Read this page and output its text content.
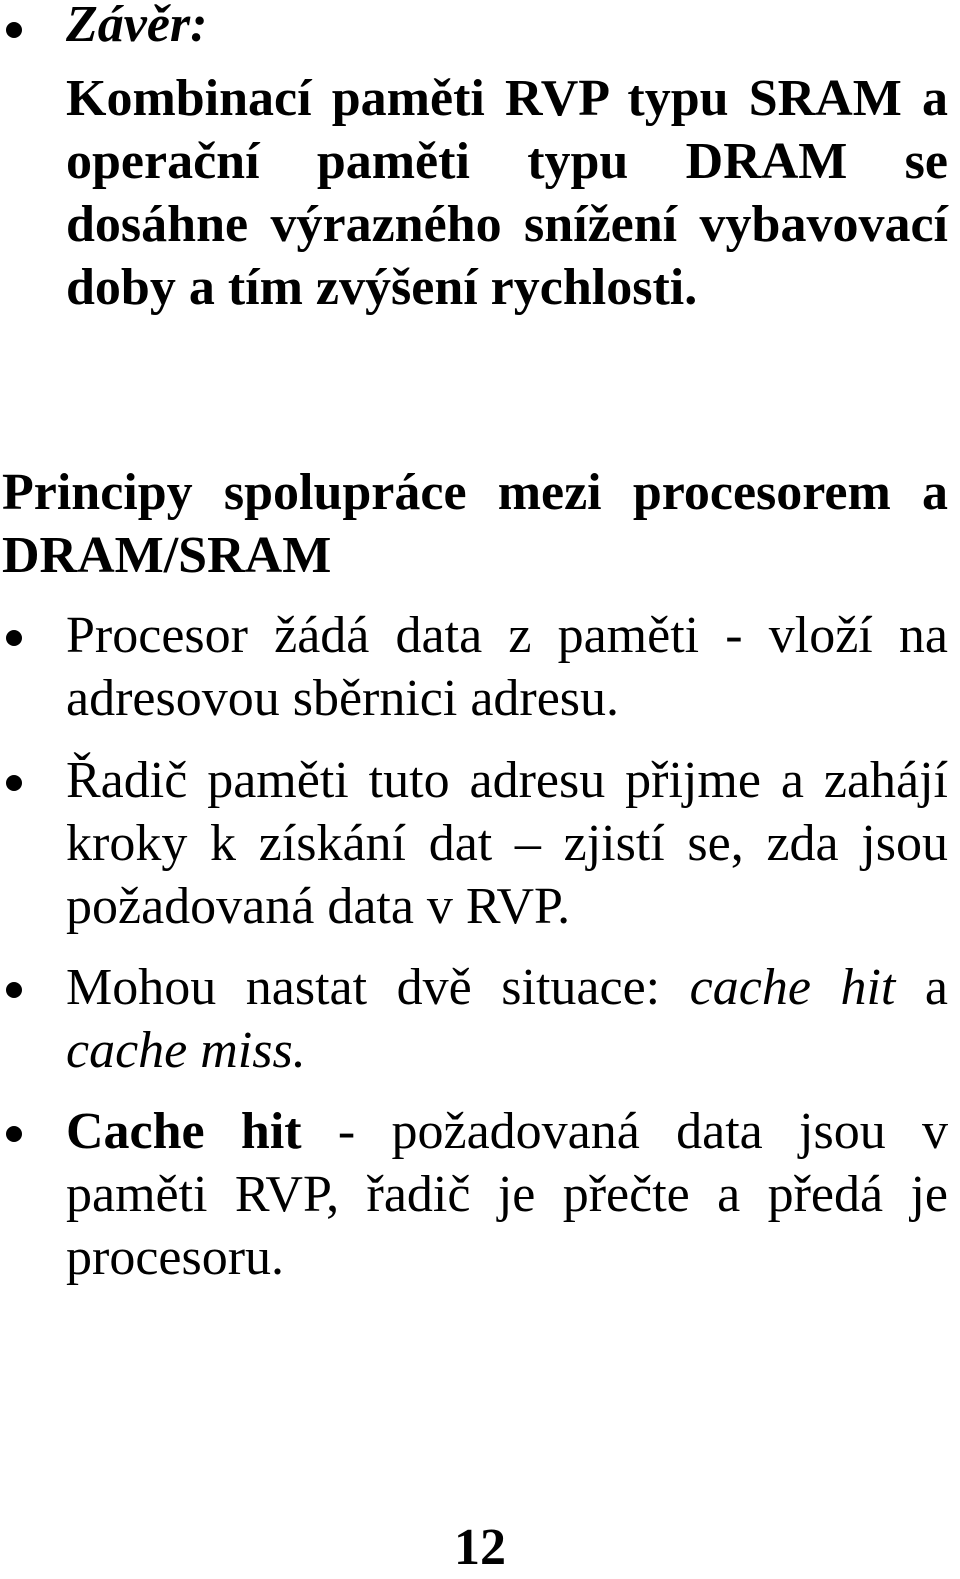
Závěr:
Kombinací paměti RVP typu SRAM a operační paměti typu DRAM se dosáhne výrazného snížení vybavovací doby a tím zvýšení rychlosti.
Principy spolupráce mezi procesorem a DRAM/SRAM
Procesor žádá data z paměti - vloží na adresovou sběrnici adresu.
Řadič paměti tuto adresu přijme a zahájí kroky k získání dat – zjistí se, zda jsou požadovaná data v RVP.
Mohou nastat dvě situace: cache hit a cache miss.
Cache hit - požadovaná data jsou v paměti RVP, řadič je přečte a předá je procesoru.
12
